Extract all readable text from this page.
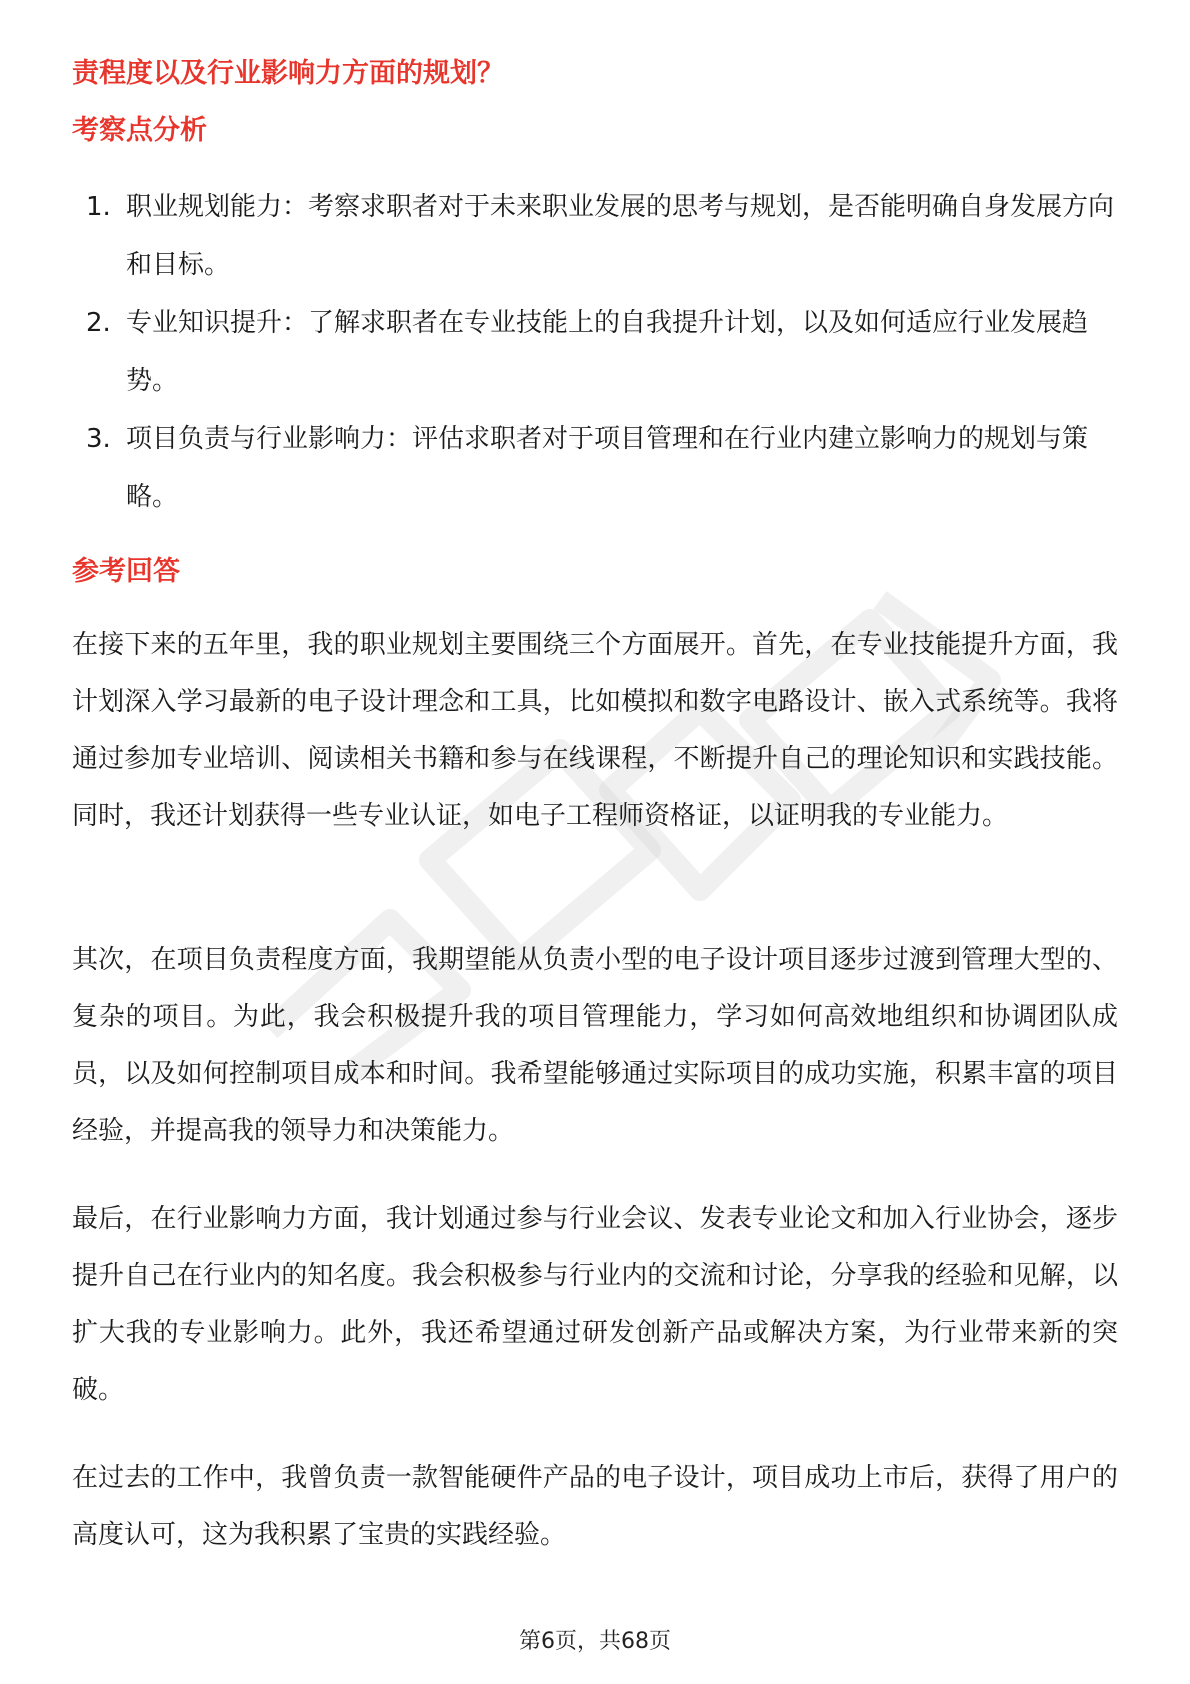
责程度以及行业影响力方面的规划？
考察点分析
1. 职业规划能力：考察求职者对于未来职业发展的思考与规划，是否能明确自身发展方向和目标。
2. 专业知识提升：了解求职者在专业技能上的自我提升计划，以及如何适应行业发展趋势。
3. 项目负责与行业影响力：评估求职者对于项目管理和在行业内建立影响力的规划与策略。
参考回答

在接下来的五年里，我的职业规划主要围绕三个方面展开。首先，在专业技能提升方面，我计划深入学习最新的电子设计理念和工具，比如模拟和数字电路设计、嵌入式系统等。我将通过参加专业培训、阅读相关书籍和参与在线课程，不断提升自己的理论知识和实践技能。同时，我还计划获得一些专业认证，如电子工程师资格证，以证明我的专业能力。

其次，在项目负责程度方面，我期望能从负责小型的电子设计项目逐步过渡到管理大型的、复杂的项目。为此，我会积极提升我的项目管理能力，学习如何高效地组织和协调团队成员，以及如何控制项目成本和时间。我希望能够通过实际项目的成功实施，积累丰富的项目经验，并提高我的领导力和决策能力。

最后，在行业影响力方面，我计划通过参与行业会议、发表专业论文和加入行业协会，逐步提升自己在行业内的知名度。我会积极参与行业内的交流和讨论，分享我的经验和见解，以扩大我的专业影响力。此外，我还希望通过研发创新产品或解决方案，为行业带来新的突破。

在过去的工作中，我曾负责一款智能硬件产品的电子设计，项目成功上市后，获得了用户的高度认可，这为我积累了宝贵的实践经验。

第6页，共68页
